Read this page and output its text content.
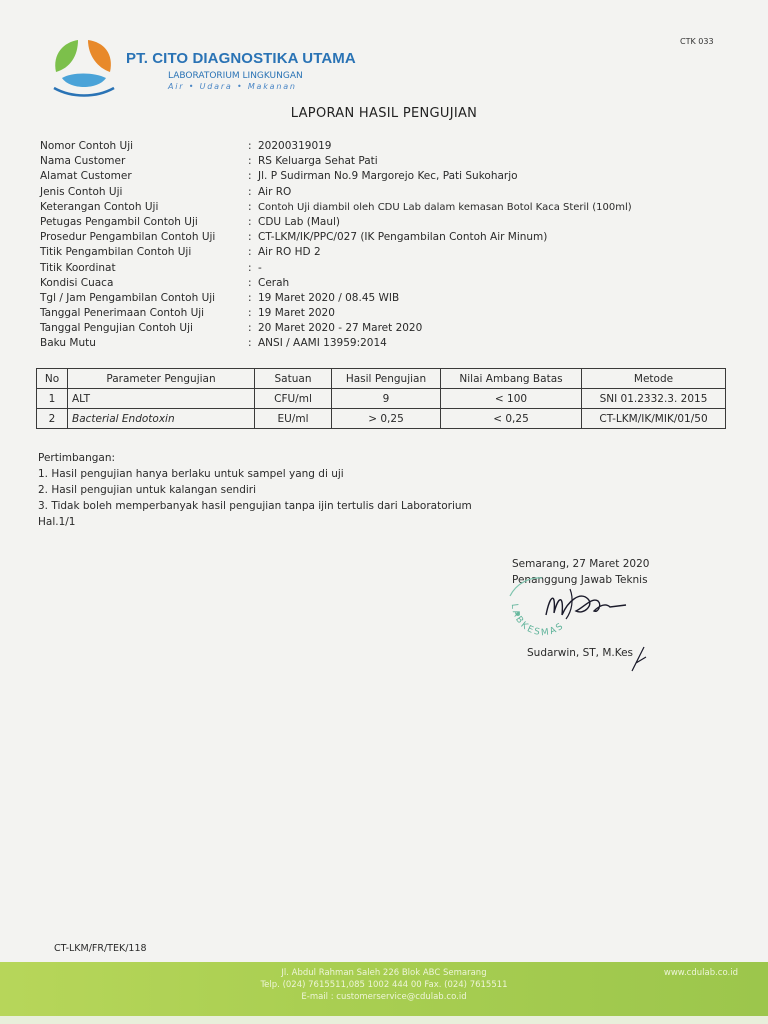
CTK 033
PT. CITO DIAGNOSTIKA UTAMA
LABORATORIUM LINGKUNGAN
Air • Udara • Makanan
LAPORAN HASIL PENGUJIAN
Nomor Contoh Uji	: 20200319019
Nama Customer	: RS Keluarga Sehat Pati
Alamat Customer	: Jl. P Sudirman No.9 Margorejo Kec, Pati Sukoharjo
Jenis Contoh Uji	: Air RO
Keterangan Contoh Uji	: Contoh Uji diambil oleh CDU Lab dalam kemasan Botol Kaca Steril (100ml)
Petugas Pengambil Contoh Uji	: CDU Lab (Maul)
Prosedur Pengambilan Contoh Uji	: CT-LKM/IK/PPC/027 (IK Pengambilan Contoh Air Minum)
Titik Pengambilan Contoh Uji	: Air RO HD 2
Titik Koordinat	: -
Kondisi Cuaca	: Cerah
Tgl / Jam Pengambilan Contoh Uji	: 19 Maret 2020 / 08.45 WIB
Tanggal Penerimaan Contoh Uji	: 19 Maret 2020
Tanggal Pengujian Contoh Uji	: 20 Maret 2020 - 27 Maret 2020
Baku Mutu	: ANSI / AAMI 13959:2014
No	Parameter Pengujian	Satuan	Hasil Pengujian	Nilai Ambang Batas	Metode
1	ALT	CFU/ml	9	< 100	SNI 01.2332.3. 2015
2	Bacterial Endotoxin	EU/ml	> 0,25	< 0,25	CT-LKM/IK/MIK/01/50
Pertimbangan:
1. Hasil pengujian hanya berlaku untuk sampel yang di uji
2. Hasil pengujian untuk kalangan sendiri
3. Tidak boleh memperbanyak hasil pengujian tanpa ijin tertulis dari Laboratorium
Hal.1/1
Semarang, 27 Maret 2020
Penanggung Jawab Teknis
LABKESMAS
Sudarwin, ST, M.Kes
CT-LKM/FR/TEK/118
Jl. Abdul Rahman Saleh 226 Blok ABC Semarang
Telp. (024) 7615511,085 1002 444 00 Fax. (024) 7615511
E-mail : customerservice@cdulab.co.id
www.cdulab.co.id
